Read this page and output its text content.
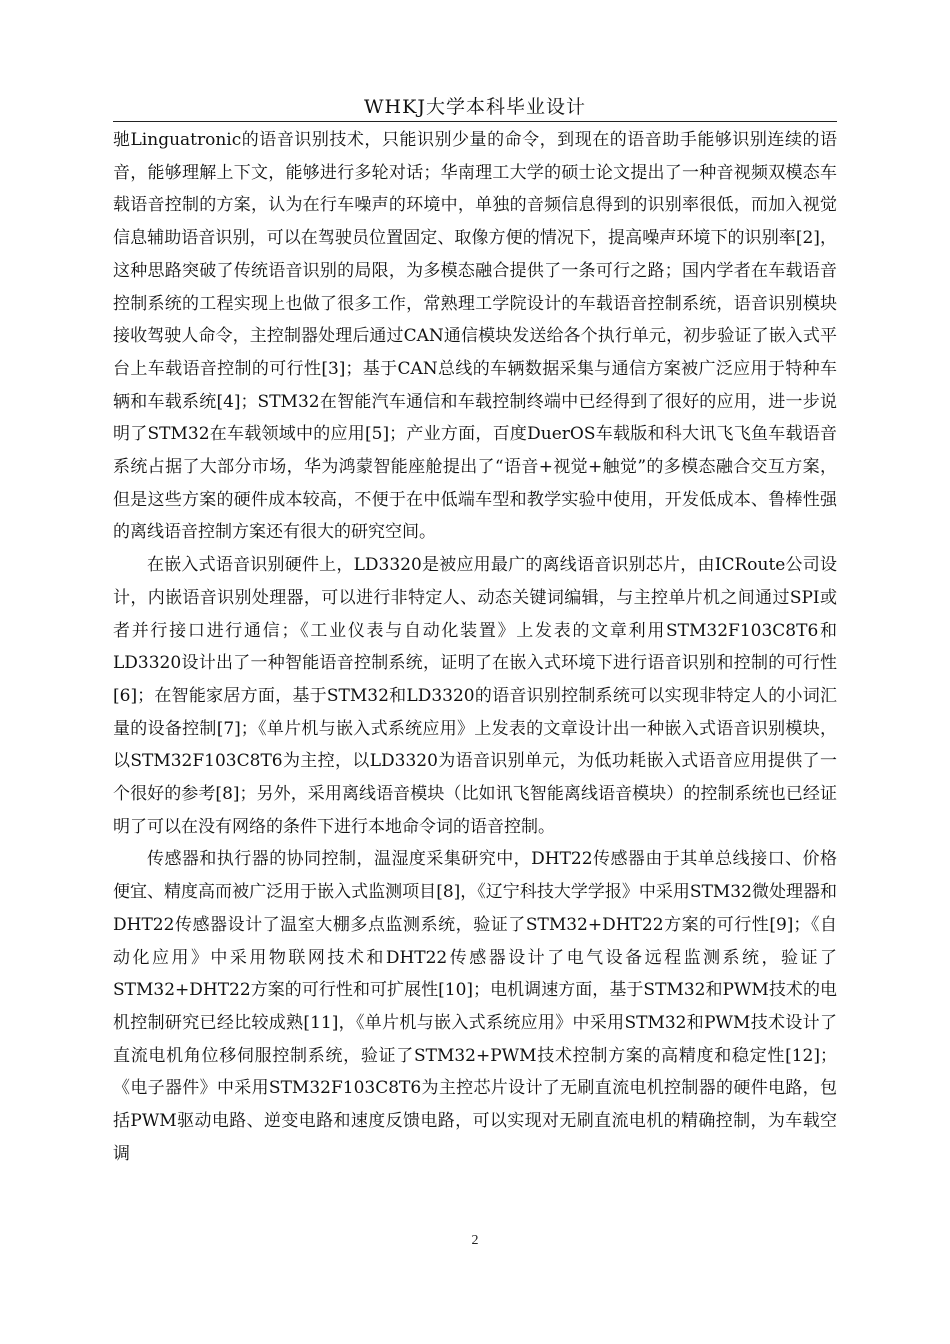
WHKJ大学本科毕业设计

驰Linguatronic的语音识别技术，只能识别少量的命令，到现在的语音助手能够识别连续的语音，能够理解上下文，能够进行多轮对话；华南理工大学的硕士论文提出了一种音视频双模态车载语音控制的方案，认为在行车噪声的环境中，单独的音频信息得到的识别率很低，而加入视觉信息辅助语音识别，可以在驾驶员位置固定、取像方便的情况下，提高噪声环境下的识别率[2]，这种思路突破了传统语音识别的局限，为多模态融合提供了一条可行之路；国内学者在车载语音控制系统的工程实现上也做了很多工作，常熟理工学院设计的车载语音控制系统，语音识别模块接收驾驶人命令，主控制器处理后通过CAN通信模块发送给各个执行单元，初步验证了嵌入式平台上车载语音控制的可行性[3]；基于CAN总线的车辆数据采集与通信方案被广泛应用于特种车辆和车载系统[4]；STM32在智能汽车通信和车载控制终端中已经得到了很好的应用，进一步说明了STM32在车载领域中的应用[5]；产业方面，百度DuerOS车载版和科大讯飞飞鱼车载语音系统占据了大部分市场，华为鸿蒙智能座舱提出了“语音+视觉+触觉”的多模态融合交互方案，但是这些方案的硬件成本较高，不便于在中低端车型和教学实验中使用，开发低成本、鲁棒性强的离线语音控制方案还有很大的研究空间。

在嵌入式语音识别硬件上，LD3320是被应用最广的离线语音识别芯片，由ICRoute公司设计，内嵌语音识别处理器，可以进行非特定人、动态关键词编辑，与主控单片机之间通过SPI或者并行接口进行通信；《工业仪表与自动化装置》上发表的文章利用STM32F103C8T6和LD3320设计出了一种智能语音控制系统，证明了在嵌入式环境下进行语音识别和控制的可行性[6]；在智能家居方面，基于STM32和LD3320的语音识别控制系统可以实现非特定人的小词汇量的设备控制[7]；《单片机与嵌入式系统应用》上发表的文章设计出一种嵌入式语音识别模块，以STM32F103C8T6为主控，以LD3320为语音识别单元，为低功耗嵌入式语音应用提供了一个很好的参考[8]；另外，采用离线语音模块（比如讯飞智能离线语音模块）的控制系统也已经证明了可以在没有网络的条件下进行本地命令词的语音控制。

传感器和执行器的协同控制，温湿度采集研究中，DHT22传感器由于其单总线接口、价格便宜、精度高而被广泛用于嵌入式监测项目[8]，《辽宁科技大学学报》中采用STM32微处理器和DHT22传感器设计了温室大棚多点监测系统，验证了STM32+DHT22方案的可行性[9]；《自动化应用》中采用物联网技术和DHT22传感器设计了电气设备远程监测系统，验证了STM32+DHT22方案的可行性和可扩展性[10]；电机调速方面，基于STM32和PWM技术的电机控制研究已经比较成熟[11]，《单片机与嵌入式系统应用》中采用STM32和PWM技术设计了直流电机角位移伺服控制系统，验证了STM32+PWM技术控制方案的高精度和稳定性[12]；《电子器件》中采用STM32F103C8T6为主控芯片设计了无刷直流电机控制器的硬件电路，包括PWM驱动电路、逆变电路和速度反馈电路，可以实现对无刷直流电机的精确控制，为车载空调

2
